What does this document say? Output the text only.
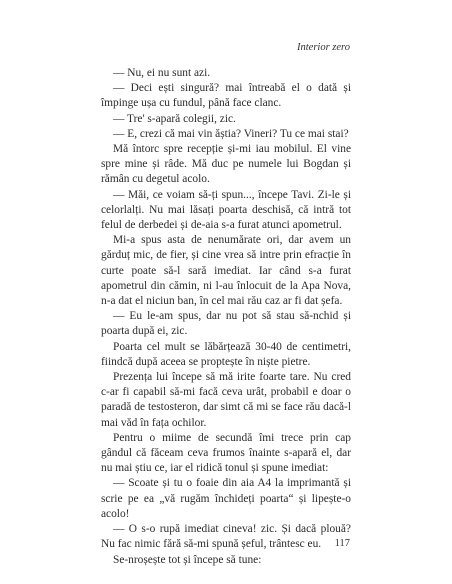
Interior zero

— Nu, ei nu sunt azi.

— Deci ești singură? mai întreabă el o dată și împinge ușa cu fundul, până face clanc.

— Tre' s-apară colegii, zic.

— E, crezi că mai vin ăștia? Vineri? Tu ce mai stai?

Mă întorc spre recepție și-mi iau mobilul. El vine spre mine și râde. Mă duc pe numele lui Bogdan și rămân cu degetul acolo.

— Măi, ce voiam să-ți spun..., începe Tavi. Zi-le și celorlalți. Nu mai lăsați poarta deschisă, că intră tot felul de derbedei și de-aia s-a furat atunci apometrul.

Mi-a spus asta de nenumărate ori, dar avem un gărduț mic, de fier, și cine vrea să intre prin efracție în curte poate să-l sară imediat. Iar când s-a furat apometrul din cămin, ni l-au înlocuit de la Apa Nova, n-a dat el niciun ban, în cel mai rău caz ar fi dat șefa.

— Eu le-am spus, dar nu pot să stau să-nchid și poarta după ei, zic.

Poarta cel mult se lăbărțează 30-40 de centimetri, fiindcă după aceea se proptește în niște pietre.

Prezența lui începe să mă irite foarte tare. Nu cred c-ar fi capabil să-mi facă ceva urât, probabil e doar o paradă de testosteron, dar simt că mi se face rău dacă-l mai văd în fața ochilor.

Pentru o miime de secundă îmi trece prin cap gândul că făceam ceva frumos înainte s-apară el, dar nu mai știu ce, iar el ridică tonul și spune imediat:

— Scoate și tu o foaie din aia A4 la imprimantă și scrie pe ea „vă rugăm închideți poarta“ și lipește-o acolo!

— O s-o rupă imediat cineva! zic. Și dacă plouă? Nu fac nimic fără să-mi spună șeful, trântesc eu.

Se-nroșește tot și începe să tune:

117
